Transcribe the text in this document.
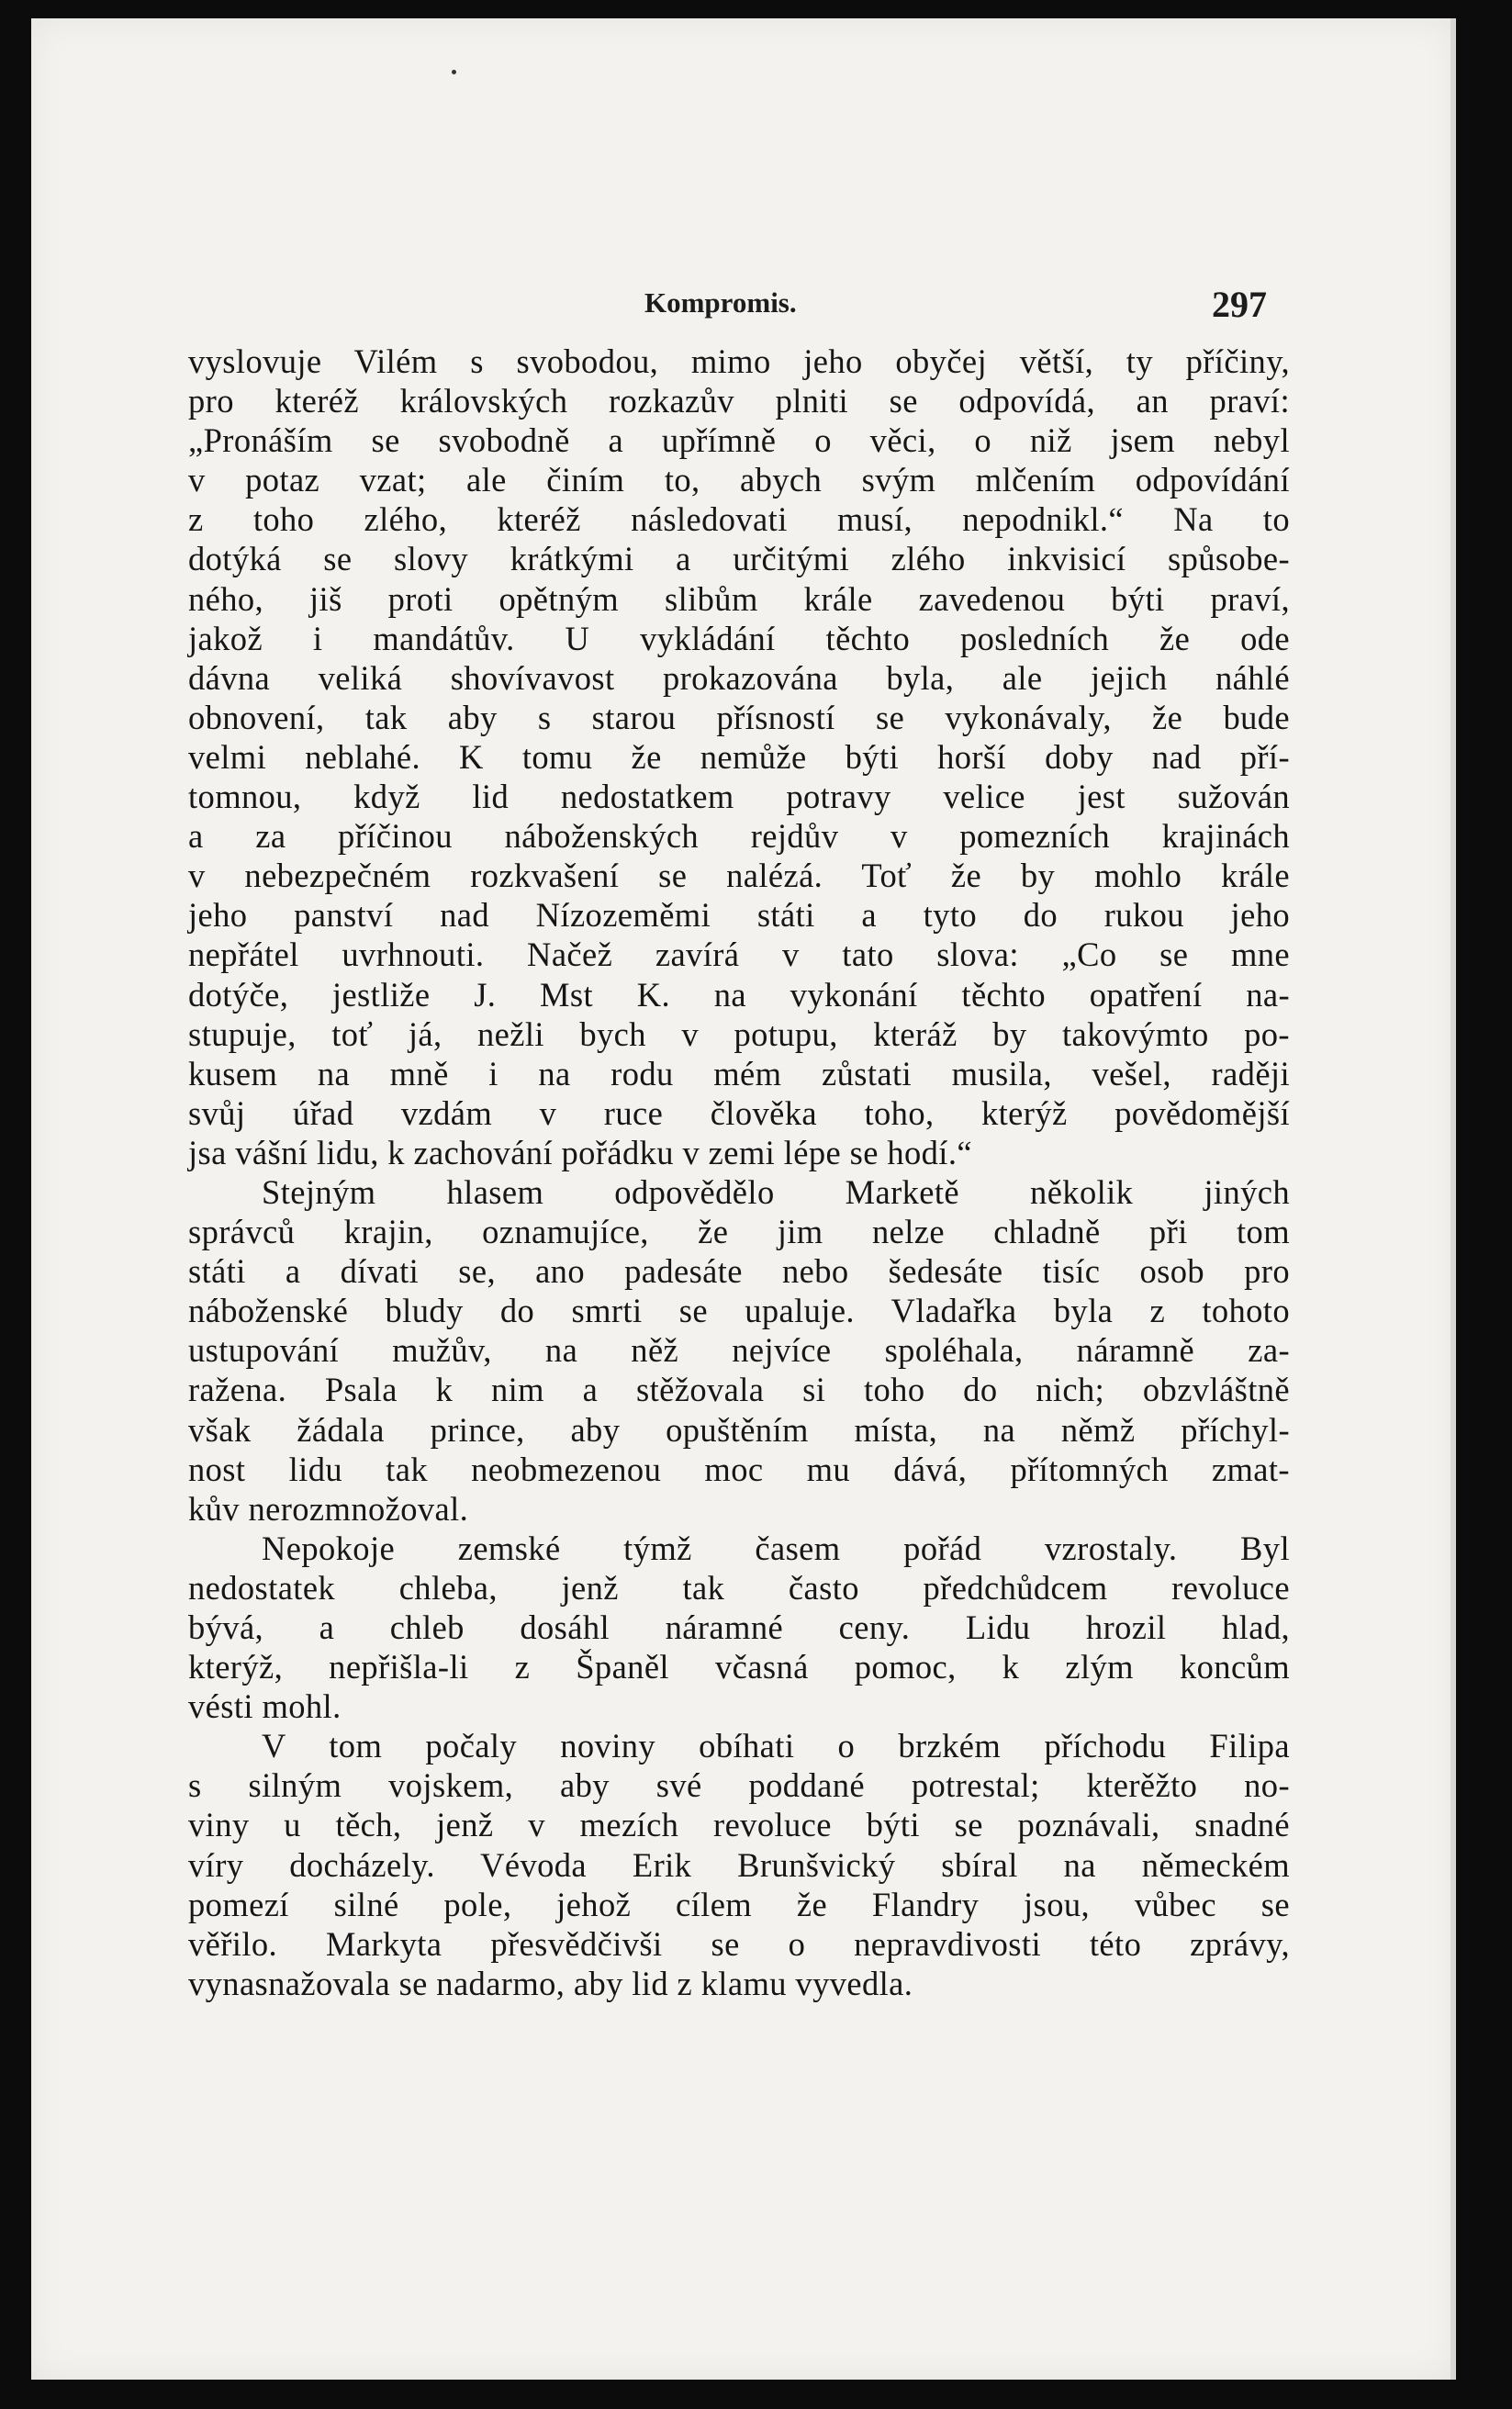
Kompromis.	297
vyslovuje Vilém s svobodou, mimo jeho obyčej větší, ty příčiny,
pro kteréž královských rozkazův plniti se odpovídá, an praví:
„Pronáším se svobodně a upřímně o věci, o niž jsem nebyl
v potaz vzat; ale činím to, abych svým mlčením odpovídání
z toho zlého, kteréž následovati musí, nepodnikl.“ Na to
dotýká se slovy krátkými a určitými zlého inkvisicí spůsobe-
ného, jiš proti opětným slibům krále zavedenou býti praví,
jakož i mandátův. U vykládání těchto posledních že ode
dávna veliká shovívavost prokazována byla, ale jejich náhlé
obnovení, tak aby s starou přísností se vykonávaly, že bude
velmi neblahé. K tomu že nemůže býti horší doby nad pří-
tomnou, když lid nedostatkem potravy velice jest sužován
a za příčinou náboženských rejdův v pomezních krajinách
v nebezpečném rozkvašení se nalézá. Toť že by mohlo krále
jeho panství nad Nízozeměmi státi a tyto do rukou jeho
nepřátel uvrhnouti. Načež zavírá v tato slova: „Co se mne
dotýče, jestliže J. Mst K. na vykonání těchto opatření na-
stupuje, toť já, nežli bych v potupu, kteráž by takovýmto po-
kusem na mně i na rodu mém zůstati musila, vešel, raději
svůj úřad vzdám v ruce člověka toho, kterýž povědomější
jsa vášní lidu, k zachování pořádku v zemi lépe se hodí.“
Stejným hlasem odpovědělo Marketě několik jiných
správců krajin, oznamujíce, že jim nelze chladně při tom
státi a dívati se, ano padesáte nebo šedesáte tisíc osob pro
náboženské bludy do smrti se upaluje. Vladařka byla z tohoto
ustupování mužův, na něž nejvíce spoléhala, náramně za-
ražena. Psala k nim a stěžovala si toho do nich; obzvláštně
však žádala prince, aby opuštěním místa, na němž příchyl-
nost lidu tak neobmezenou moc mu dává, přítomných zmat-
kův nerozmnožoval.
Nepokoje zemské týmž časem pořád vzrostaly. Byl
nedostatek chleba, jenž tak často předchůdcem revoluce
bývá, a chleb dosáhl náramné ceny. Lidu hrozil hlad,
kterýž, nepřišla-li z Španěl včasná pomoc, k zlým koncům
vésti mohl.
V tom počaly noviny obíhati o brzkém příchodu Filipa
s silným vojskem, aby své poddané potrestal; kterěžto no-
viny u těch, jenž v mezích revoluce býti se poznávali, snadné
víry docházely. Vévoda Erik Brunšvický sbíral na německém
pomezí silné pole, jehož cílem že Flandry jsou, vůbec se
věřilo. Markyta přesvědčivši se o nepravdivosti této zprávy,
vynasnažovala se nadarmo, aby lid z klamu vyvedla.
